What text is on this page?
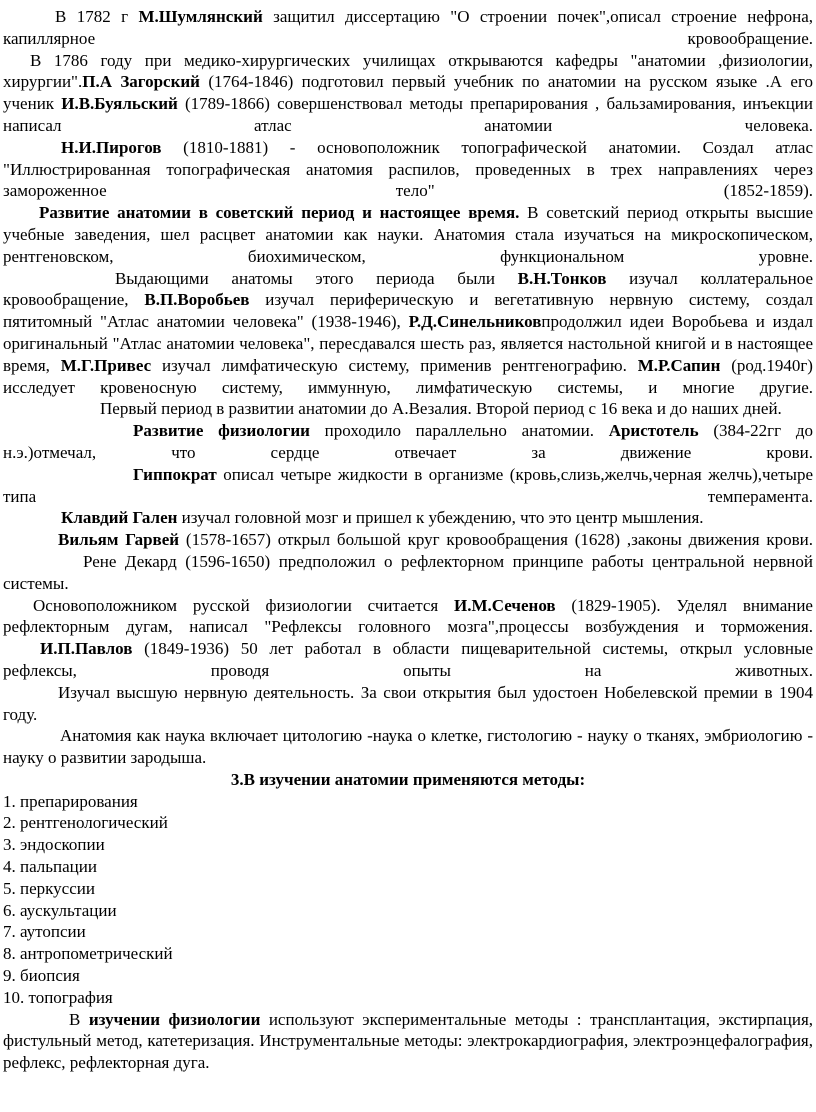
В 1782 г М.Шумлянский защитил диссертацию "О строении почек",описал строение нефрона, капиллярное кровообращение.

В 1786 году при медико-хирургических училищах открываются кафедры "анатомии ,физиологии, хирургии".П.А Загорский (1764-1846) подготовил первый учебник по анатомии на русском языке .А его ученик И.В.Буяльский (1789-1866) совершенствовал методы препарирования , бальзамирования, инъекции написал атлас анатомии человека.

Н.И.Пирогов (1810-1881) - основоположник топографической анатомии. Создал атлас "Иллюстрированная топографическая анатомия распилов, проведенных в трех направлениях через замороженное тело" (1852-1859).

Развитие анатомии в советский период и настоящее время. В советский период открыты высшие учебные заведения, шел расцвет анатомии как науки. Анатомия стала изучаться на микроскопическом, рентгеновском, биохимическом, функциональном уровне.

Выдающими анатомы этого периода были В.Н.Тонков изучал коллатеральное кровообращение, В.П.Воробьев изучал периферическую и вегетативную нервную систему, создал пятитомный "Атлас анатомии человека" (1938-1946), Р.Д.Синельниковпродолжил идеи Воробьева и издал оригинальный "Атлас анатомии человека", пересдавался шесть раз, является настольной книгой и в настоящее время, М.Г.Привес изучал лимфатическую систему, применив рентгенографию. М.Р.Сапин (род.1940г) исследует кровеносную систему, иммунную, лимфатическую системы, и многие другие.

Первый период в развитии анатомии до А.Везалия. Второй период с 16 века и до наших дней.

Развитие физиологии проходило параллельно анатомии. Аристотель (384-22гг до н.э.)отмечал, что сердце отвечает за движение крови.

Гиппократ описал четыре жидкости в организме (кровь,слизь,желчь,черная желчь),четыре типа темперамента.

Клавдий Гален изучал головной мозг и пришел к убеждению, что это центр мышления.

Вильям Гарвей (1578-1657) открыл большой круг кровообращения (1628) ,законы движения крови.

Рене Декард (1596-1650) предположил о рефлекторном принципе работы центральной нервной системы.

Основоположником русской физиологии считается И.М.Сеченов (1829-1905). Уделял внимание рефлекторным дугам, написал "Рефлексы головного мозга",процессы возбуждения и торможения.

И.П.Павлов (1849-1936) 50 лет работал в области пищеварительной системы, открыл условные рефлексы, проводя опыты на животных.

Изучал высшую нервную деятельность. За свои открытия был удостоен Нобелевской премии в 1904 году.

Анатомия как наука включает цитологию -наука о клетке, гистологию - науку о тканях, эмбриологию - науку о развитии зародыша.

3.В изучении анатомии применяются методы:

1. препарирования
2. рентгенологический
3. эндоскопии
4. пальпации
5. перкуссии
6. аускультации
7. аутопсии
8. антропометрический
9. биопсия
10. топография

В изучении физиологии используют экспериментальные методы : трансплантация, экстирпация, фистульный метод, катетеризация. Инструментальные методы: электрокардиография, электроэнцефалография, рефлекс, рефлекторная дуга.
